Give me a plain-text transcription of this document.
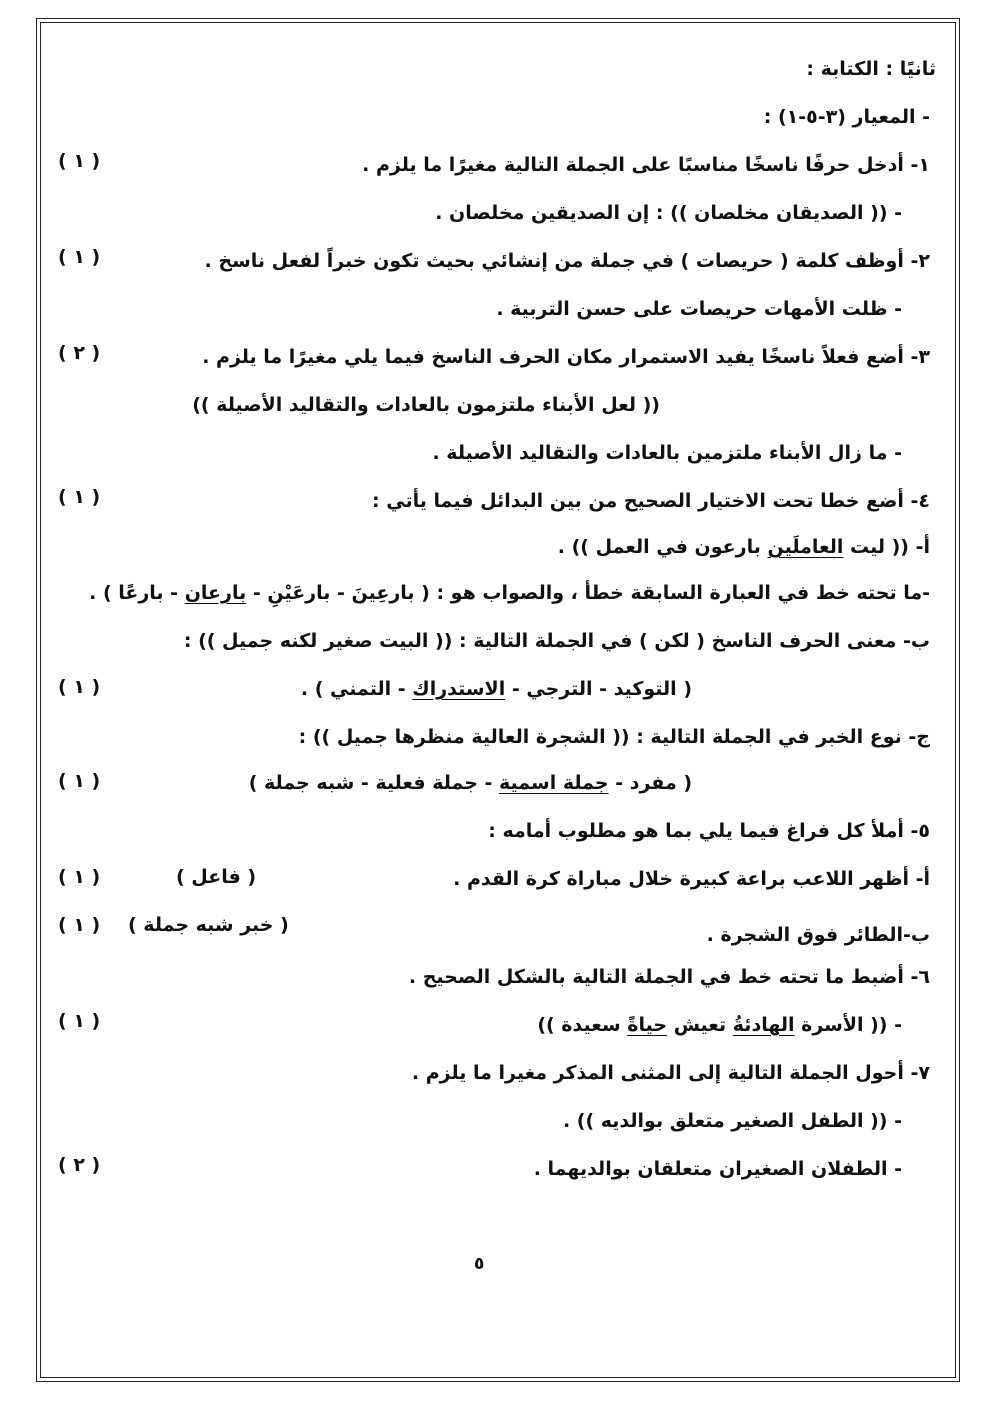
ثانيًا : الكتابة :
- المعيار (٣-٥-١) :
١- أدخل حرفًا ناسخًا مناسبًا على الجملة التالية مغيرًا ما يلزم .
( ١ )
- (( الصديقان مخلصان )) : إن الصديقين مخلصان .
٢- أوظف كلمة ( حريصات ) في جملة من إنشائي بحيث تكون خبراً لفعل ناسخ .
( ١ )
- ظلت الأمهات حريصات على حسن التربية .
٣- أضع فعلاً ناسخًا يفيد الاستمرار مكان الحرف الناسخ فيما يلي مغيرًا ما يلزم .
( ٢ )
(( لعل الأبناء ملتزمون بالعادات والتقاليد الأصيلة ))
- ما زال الأبناء ملتزمين بالعادات والتقاليد الأصيلة .
٤- أضع خطا تحت الاختيار الصحيح من بين البدائل فيما يأتي :
( ١ )
أ- (( ليت العاملَين بارعون في العمل )) .
-ما تحته خط في العبارة السابقة خطأ ، والصواب هو : ( بارعِينَ - بارعَيْنِ - بارعان - بارعًا ) .
ب- معنى الحرف الناسخ ( لكن ) في الجملة التالية : (( البيت صغير لكنه جميل )) :
( التوكيد - الترجي - الاستدراك - التمني ) .
( ١ )
ج- نوع الخبر في الجملة التالية : (( الشجرة العالية منظرها جميل )) :
( مفرد - جملة اسمية - جملة فعلية - شبه جملة )
( ١ )
٥- أملأ كل فراغ فيما يلي بما هو مطلوب أمامه :
أ- أظهر اللاعب براعة كبيرة خلال مباراة كرة القدم .
( فاعل )
( ١ )
ب-الطائر فوق الشجرة .
( خبر شبه جملة )
( ١ )
٦- أضبط ما تحته خط في الجملة التالية بالشكل الصحيح .
- (( الأسرة الهادئةُ تعيش حياةً سعيدة ))
( ١ )
٧- أحول الجملة التالية إلى المثنى المذكر مغيرا ما يلزم .
- (( الطفل الصغير متعلق بوالديه )) .
- الطفلان الصغيران متعلقان بوالديهما .
( ٢ )
٥
